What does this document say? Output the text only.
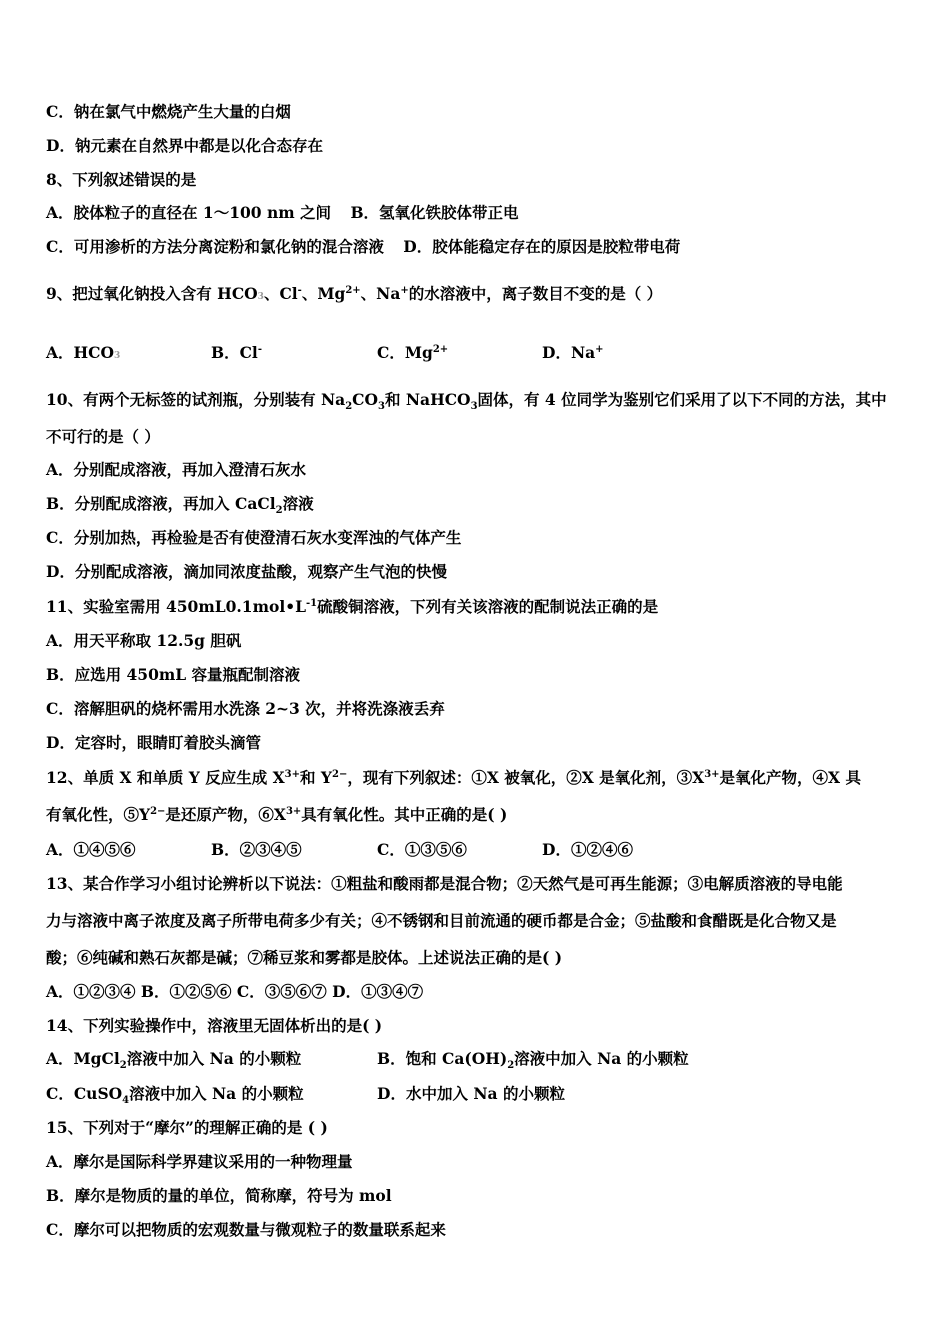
C．钠在氯气中燃烧产生大量的白烟
D．钠元素在自然界中都是以化合态存在
8、下列叙述错误的是
A．胶体粒子的直径在 1～100 nm 之间 B．氢氧化铁胶体带正电
C．可用渗析的方法分离淀粉和氯化钠的混合溶液 D．胶体能稳定存在的原因是胶粒带电荷
9、把过氧化钠投入含有 HCO3、Cl-、$Mg^{2+}$、Na+的水溶液中，离子数目不变的是（ ）
A．HCO3	B．Cl-	C．$Mg^{2+}$	D．Na+
10、有两个无标签的试剂瓶，分别装有 $Na_2CO_3$和 NaHCO$_3$固体，有 4 位同学为鉴别它们采用了以下不同的方法，其中
不可行的是（ ）
A．分别配成溶液，再加入澄清石灰水
B．分别配成溶液，再加入 CaCl$_2$溶液
C．分别加热，再检验是否有使澄清石灰水变浑浊的气体产生
D．分别配成溶液，滴加同浓度盐酸，观察产生气泡的快慢
11、实验室需用 $450mL0.1mol•L^{-1}$硫酸铜溶液，下列有关该溶液的配制说法正确的是
A．用天平称取 12.5g 胆矾
B．应选用 450mL 容量瓶配制溶液
C．溶解胆矾的烧杯需用水洗涤 2~3 次，并将洗涤液丢弃
D．定容时，眼睛盯着胶头滴管
12、单质 X 和单质 Y 反应生成 $X^{3+}$和 $Y^{2-}$，现有下列叙述：①X 被氧化，②X 是氧化剂，$③X^{3+}$是氧化产物，④X 具
有氧化性，$⑤Y^{2-}$是还原产物，$⑥X^{3+}$具有氧化性。其中正确的是( )
A．①④⑤⑥	B．②③④⑤	C．①③⑤⑥	D．①②④⑥
13、某合作学习小组讨论辨析以下说法：①粗盐和酸雨都是混合物；②天然气是可再生能源；③电解质溶液的导电能
力与溶液中离子浓度及离子所带电荷多少有关；④不锈钢和目前流通的硬币都是合金；⑤盐酸和食醋既是化合物又是
酸；⑥纯碱和熟石灰都是碱；⑦稀豆浆和雾都是胶体。上述说法正确的是( )
A．①②③④ B．①②⑤⑥ C．③⑤⑥⑦ D．①③④⑦
14、下列实验操作中，溶液里无固体析出的是( )
A．MgCl$_2$溶液中加入 Na 的小颗粒	B．饱和 $Ca(OH)_2$溶液中加入 Na 的小颗粒
C．CuSO$_4$溶液中加入 Na 的小颗粒	D．水中加入 Na 的小颗粒
15、下列对于“摩尔”的理解正确的是 ( )
A．摩尔是国际科学界建议采用的一种物理量
B．摩尔是物质的量的单位，简称摩，符号为 mol
C．摩尔可以把物质的宏观数量与微观粒子的数量联系起来
